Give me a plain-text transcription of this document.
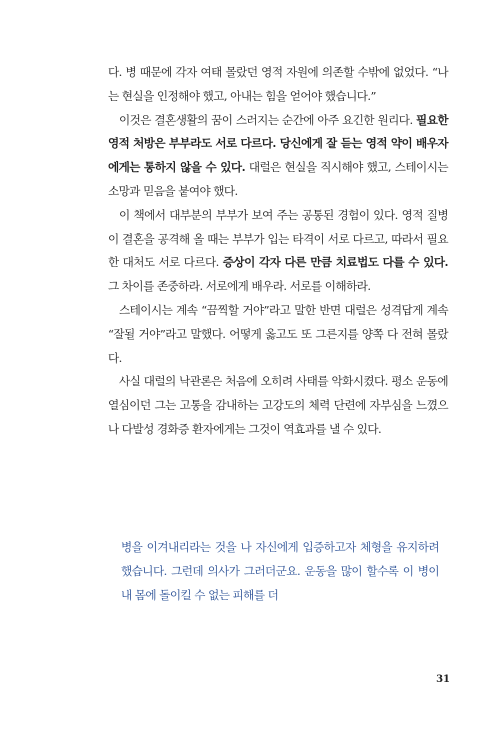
다. 병 때문에 각자 여태 몰랐던 영적 자원에 의존할 수밖에 없었다. “나는 현실을 인정해야 했고, 아내는 힘을 얻어야 했습니다.”

이것은 결혼생활의 꿈이 스러지는 순간에 아주 요긴한 원리다. 필요한 영적 처방은 부부라도 서로 다르다. 당신에게 잘 듣는 영적 약이 배우자에게는 통하지 않을 수 있다. 대럴은 현실을 직시해야 했고, 스테이시는 소망과 믿음을 붙여야 했다.

이 책에서 대부분의 부부가 보여 주는 공통된 경험이 있다. 영적 질병이 결혼을 공격해 올 때는 부부가 입는 타격이 서로 다르고, 따라서 필요한 대처도 서로 다르다. 증상이 각자 다른 만큼 치료법도 다를 수 있다. 그 차이를 존중하라. 서로에게 배우라. 서로를 이해하라.

스테이시는 계속 “끔찍할 거야”라고 말한 반면 대럴은 성격답게 계속 “잘될 거야”라고 말했다. 어떻게 옳고도 또 그른지를 양쪽 다 전혀 몰랐다.

사실 대럴의 낙관론은 처음에 오히려 사태를 악화시켰다. 평소 운동에 열심이던 그는 고통을 감내하는 고강도의 체력 단련에 자부심을 느꼈으나 다발성 경화증 환자에게는 그것이 역효과를 낼 수 있다.

병을 이겨내리라는 것을 나 자신에게 입증하고자 체형을 유지하려 했습니다. 그런데 의사가 그러더군요. 운동을 많이 할수록 이 병이 내 몸에 돌이킬 수 없는 피해를 더

31
